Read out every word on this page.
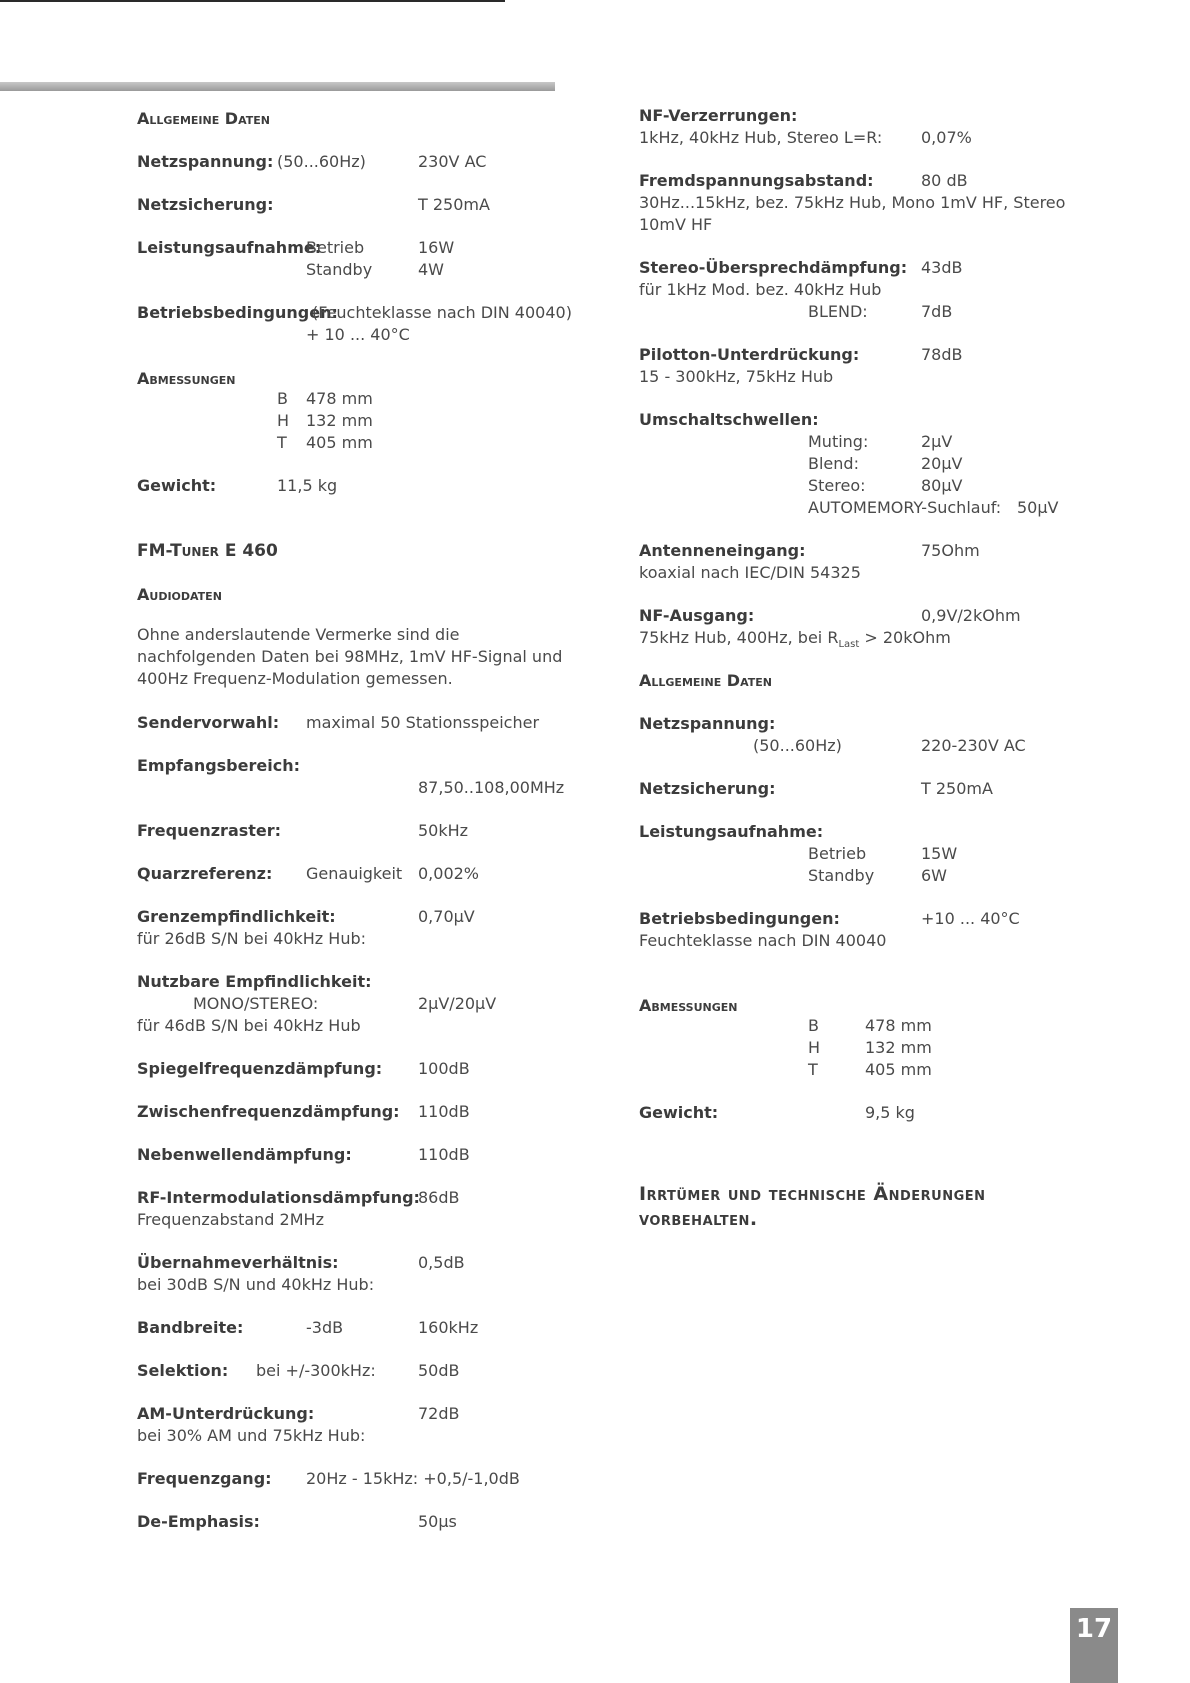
Allgemeine Daten
Netzspannung: (50...60Hz)	230V AC
Netzsicherung:	T 250mA
Leistungsaufnahme:
Betrieb	16W
Standby	4W
Betriebsbedingungen:
(Feuchteklasse nach DIN 40040)
+ 10 ... 40°C
Abmessungen
B 478 mm
H 132 mm
T 405 mm
Gewicht:	11,5 kg
FM-Tuner E 460
Audiodaten
Ohne anderslautende Vermerke sind die nachfolgenden Daten bei 98MHz, 1mV HF-Signal und 400Hz Frequenz-Modulation gemessen.
Sendervorwahl: maximal 50 Stationsspeicher
Empfangsbereich:
87,50..108,00MHz
Frequenzraster:	50kHz
Quarzreferenz: Genauigkeit 0,002%
Grenzempfindlichkeit:	0,70µV
für 26dB S/N bei 40kHz Hub:
Nutzbare Empfindlichkeit:
MONO/STEREO:	2µV/20µV
für 46dB S/N bei 40kHz Hub
Spiegelfrequenzdämpfung: 100dB
Zwischenfrequenzdämpfung: 110dB
Nebenwellendämpfung:	110dB
RF-Intermodulationsdämpfung:
86dB
Frequenzabstand 2MHz
Übernahmeverhältnis:	0,5dB
bei 30dB S/N und 40kHz Hub:
Bandbreite:	-3dB	160kHz
Selektion: bei +/-300kHz:	50dB
AM-Unterdrückung:	72dB
bei 30% AM und 75kHz Hub:
Frequenzgang: 20Hz - 15kHz: +0,5/-1,0dB
De-Emphasis:	50µs
NF-Verzerrungen:
1kHz, 40kHz Hub, Stereo L=R: 0,07%
Fremdspannungsabstand:	80 dB
30Hz...15kHz, bez. 75kHz Hub, Mono 1mV HF, Stereo
10mV HF
Stereo-Übersprechdämpfung: 43dB
für 1kHz Mod. bez. 40kHz Hub
BLEND:	7dB
Pilotton-Unterdrückung:	78dB
15 - 300kHz, 75kHz Hub
Umschaltschwellen:
Muting:	2µV
Blend:	20µV
Stereo:	80µV
AUTOMEMORY-Suchlauf: 50µV
Antenneneingang:	75Ohm
koaxial nach IEC/DIN 54325
NF-Ausgang:	0,9V/2kOhm
75kHz Hub, 400Hz, bei $R_{Last}$ > 20kOhm
Allgemeine Daten
Netzspannung:
(50...60Hz)	220-230V AC
Netzsicherung:	T 250mA
Leistungsaufnahme:
Betrieb	15W
Standby	6W
Betriebsbedingungen:	+10 ... 40°C
Feuchteklasse nach DIN 40040
Abmessungen
B	478 mm
H	132 mm
T	405 mm
Gewicht:	9,5 kg
Irrtümer und technische Änderungen vorbehalten.
17
